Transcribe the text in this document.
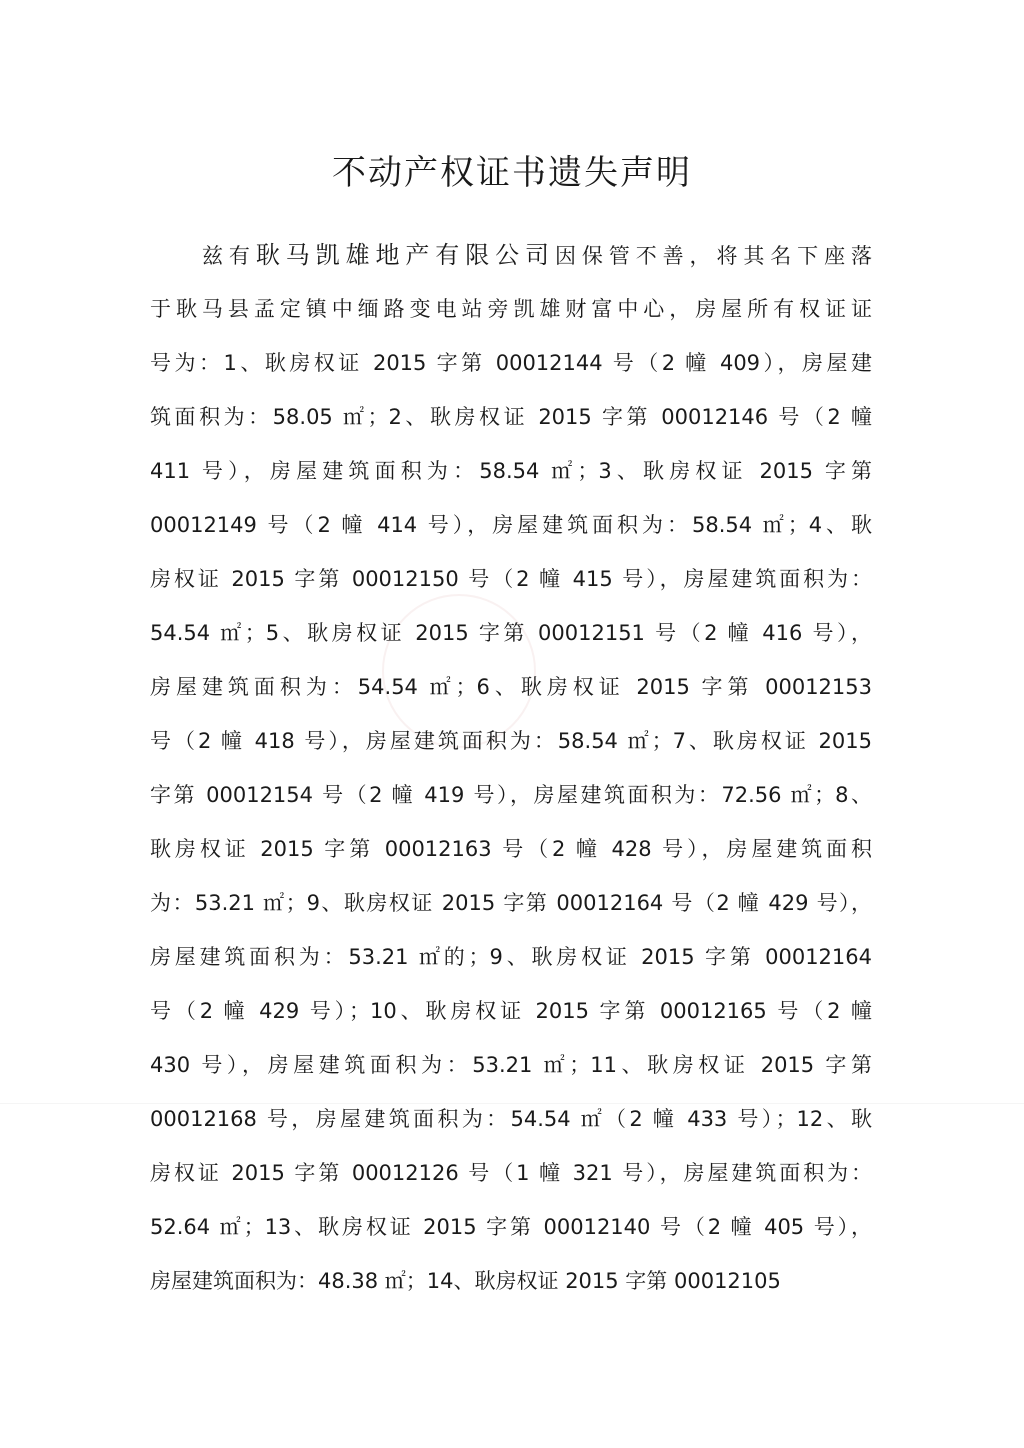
不动产权证书遗失声明
兹有耿马凯雄地产有限公司因保管不善，将其名下座落
于耿马县孟定镇中缅路变电站旁凯雄财富中心，房屋所有权证证
号为：1、耿房权证 2015 字第 00012144 号（2 幢 409），房屋建
筑面积为：58.05 ㎡；2、耿房权证 2015 字第 00012146 号（2 幢
411 号），房屋建筑面积为：58.54 ㎡；3、耿房权证 2015 字第
00012149 号（2 幢 414 号），房屋建筑面积为：58.54 ㎡；4、耿
房权证 2015 字第 00012150 号（2 幢 415 号），房屋建筑面积为：
54.54 ㎡；5、耿房权证 2015 字第 00012151 号（2 幢 416 号），
房屋建筑面积为：54.54 ㎡；6、耿房权证 2015 字第 00012153
号（2 幢 418 号），房屋建筑面积为：58.54 ㎡；7、耿房权证 2015
字第 00012154 号（2 幢 419 号），房屋建筑面积为：72.56 ㎡；8、
耿房权证 2015 字第 00012163 号（2 幢 428 号），房屋建筑面积
为：53.21 ㎡；9、耿房权证 2015 字第 00012164 号（2 幢 429 号），
房屋建筑面积为：53.21 ㎡的；9、耿房权证 2015 字第 00012164
号（2 幢 429 号）；10、耿房权证 2015 字第 00012165 号（2 幢
430 号），房屋建筑面积为：53.21 ㎡；11、耿房权证 2015 字第
00012168 号，房屋建筑面积为：54.54 ㎡（2 幢 433 号）；12、耿
房权证 2015 字第 00012126 号（1 幢 321 号），房屋建筑面积为：
52.64 ㎡；13、耿房权证 2015 字第 00012140 号（2 幢 405 号），
房屋建筑面积为：48.38 ㎡；14、耿房权证 2015 字第 00012105
